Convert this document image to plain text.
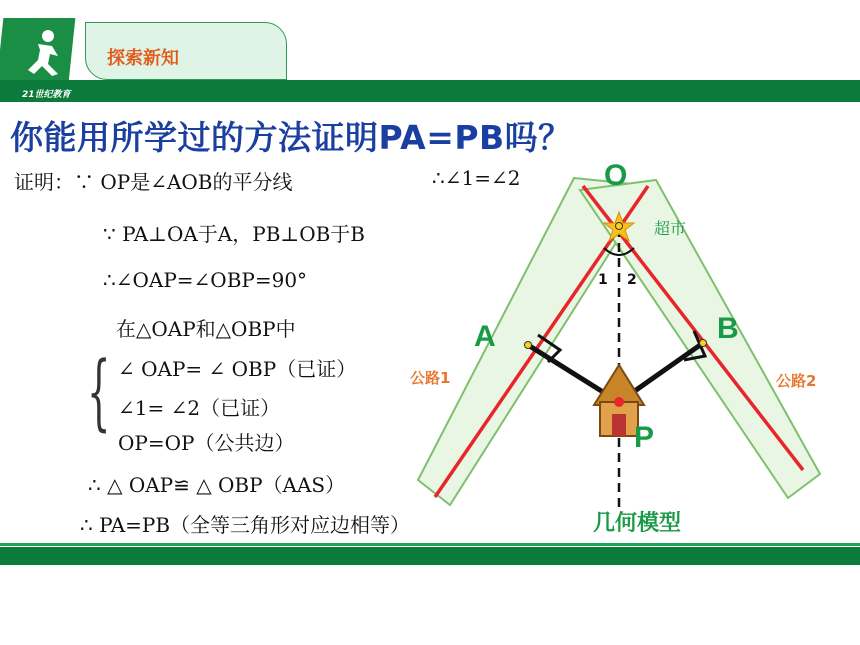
21世纪教育
探索新知
你能用所学过的方法证明PA=PB吗？
证明：∵ OP是∠AOB的平分线	∴∠1=∠2
∵ PA⊥OA于A，PB⊥OB于B
∴∠OAP=∠OBP=90°
在△OAP和△OBP中
{ ∠ OAP= ∠ OBP（已证）
∠1= ∠2（已证）
OP=OP（公共边）
∴ △ OAP≌ △ OBP（AAS）
∴ PA=PB（全等三角形对应边相等）
O
A	B
P
1 2
超市
公路1	公路2
几何模型
